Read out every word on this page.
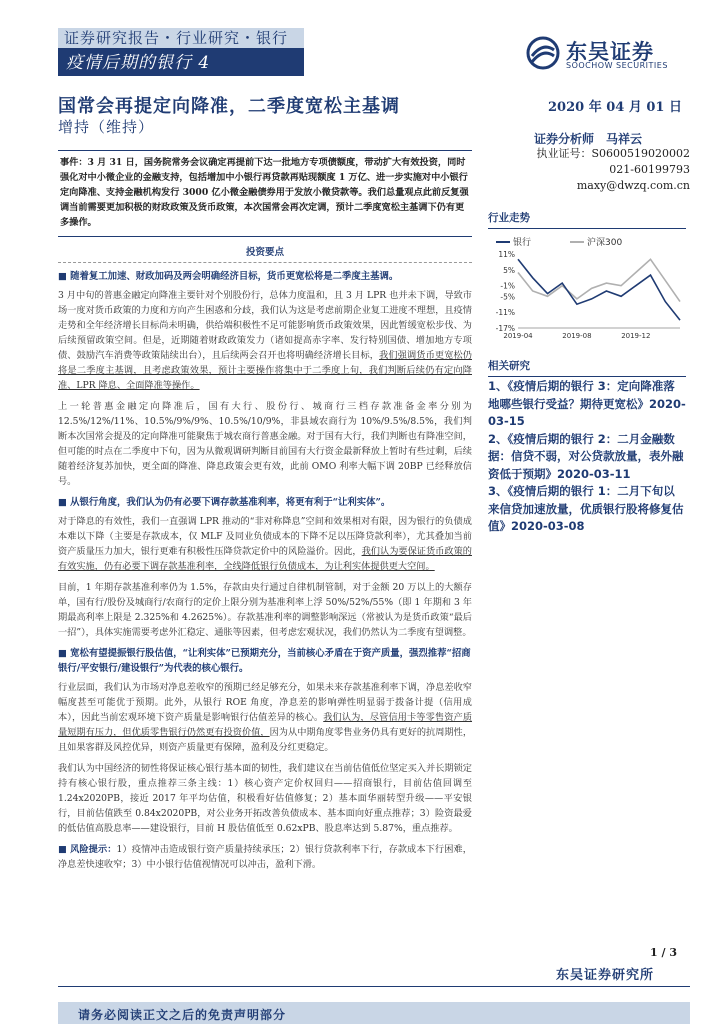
证券研究报告・行业研究・银行
疫情后期的银行 4	东吴证券
SOOCHOW SECURITIES
国常会再提定向降准，二季度宽松主基调
增持（维持）
2020 年 04 月 01 日
事件：3 月 31 日，国务院常务会议确定再提前下达一批地方专项债额度，带动扩大有效投资，同时强化对中小微企业的金融支持，包括增加中小银行再贷款再贴现额度 1 万亿、进一步实施对中小银行定向降准、支持金融机构发行 3000 亿小微金融债券用于发放小微贷款等。我们总量观点此前反复强调当前需要更加积极的财政政策及货币政策，本次国常会再次定调，预计二季度宽松主基调下仍有更多操作。
投资要点
■ 随着复工加速、财政加码及两会明确经济目标，货币更宽松将是二季度主基调。

3 月中旬的普惠金融定向降准主要针对个别股份行，总体力度温和，且 3 月 LPR 也并未下调，导致市场一度对货币政策的力度和方向产生困惑和分歧，我们认为这是考虑前期企业复工进度不理想，且疫情走势和全年经济增长目标尚未明确，供给端积极性不足可能影响货币政策效果，因此暂缓宽松步伐、为后续预留政策空间。但是，近期随着财政政策发力（诸如提高赤字率、发行特别国债、增加地方专项债、鼓励汽车消费等政策陆续出台），且后续两会召开也将明确经济增长目标，我们强调货币更宽松仍将是二季度主基调，且考虑政策效果，预计主要操作将集中于二季度上旬，我们判断后续仍有定向降准、LPR 降息、全面降准等操作。

上一轮普惠金融定向降准后，国有大行、股份行、城商行三档存款准备金率分别为 12.5%/12%/11%、10.5%/9%/9%、10.5%/10/9%，非县域农商行为 10%/9.5%/8.5%，我们判断本次国常会提及的定向降准可能聚焦于城农商行普惠金融。对于国有大行，我们判断也有降准空间，但可能的时点在二季度中下旬，因为从微观调研判断目前国有大行资金最新释放上暂时有些过剩，后续随着经济复苏加快，更全面的降准、降息政策会更有效，此前 OMO 利率大幅下调 20BP 已经释放信号。

■ 从银行角度，我们认为仍有必要下调存款基准利率，将更有利于“让利实体”。

对于降息的有效性，我们一直强调 LPR 推动的“非对称降息”空间和效果相对有限，因为银行的负债成本难以下降（主要是存款成本，仅 MLF 及同业负债成本的下降不足以压降贷款利率），尤其叠加当前资产质量压力加大，银行更难有积极性压降贷款定价中的风险溢价。因此，我们认为要保证货币政策的有效实施，仍有必要下调存款基准利率，全线降低银行负债成本，为让利实体提供更大空间。

目前，1 年期存款基准利率仍为 1.5%，存款由央行通过自律机制管制，对于金额 20 万以上的大额存单，国有行/股份及城商行/农商行的定价上限分别为基准利率上浮 50%/52%/55%（即 1 年期和 3 年期最高利率上限是 2.325%和 4.2625%）。存款基准利率的调整影响深远（常被认为是货币政策“最后一招”），具体实施需要考虑外汇稳定、通胀等因素，但考虑宏观状况，我们仍然认为二季度有望调整。

■ 宽松有望提振银行股估值，“让利实体”已预期充分，当前核心矛盾在于资产质量，强烈推荐“招商银行/平安银行/建设银行”为代表的核心银行。

行业层面，我们认为市场对净息差收窄的预期已经足够充分，如果未来存款基准利率下调，净息差收窄幅度甚至可能优于预期。此外，从银行 ROE 角度，净息差的影响弹性明显弱于拨备计提（信用成本），因此当前宏观环境下资产质量是影响银行估值差异的核心。我们认为，尽管信用卡等零售资产质量短期有压力，但优质零售银行仍然更有投资价值，因为从中期角度零售业务仍具有更好的抗周期性，且如果客群及风控优异，则资产质量更有保障，盈利及分红更稳定。

我们认为中国经济的韧性将保证核心银行基本面的韧性，我们建议在当前估值低位坚定买入并长期锁定持有核心银行股，重点推荐三条主线：1）核心资产定价权回归——招商银行，目前估值回调至 1.24x2020PB，接近 2017 年平均估值，积极看好估值修复；2）基本面华丽转型升级——平安银行，目前估值跌至 0.84x2020PB，对公业务开拓改善负债成本、基本面向好重点推荐；3）险资最爱的低估值高股息率——建设银行，目前 H 股估值低至 0.62xPB、股息率达到 5.87%，重点推荐。

■ 风险提示：1）疫情冲击造成银行资产质量持续承压；2）银行贷款利率下行，存款成本下行困难，净息差快速收窄；3）中小银行估值视情况可以冲击，盈利下滑。

证券分析师　马祥云
执业证号：S0600519020002
021-60199793
maxy@dwzq.com.cn
行业走势
银行	沪深300
11%
5%
-1%
-5%
-11%
-17%
2019-04	2019-08	2019-12
相关研究
1、《疫情后期的银行 3：定向降准落地哪些银行受益？期待更宽松》2020-03-15
2、《疫情后期的银行 2：二月金融数据：信贷不弱，对公贷款放量，表外融资低于预期》2020-03-11
3、《疫情后期的银行 1：二月下旬以来信贷加速放量，优质银行股将修复估值》2020-03-08
1 / 3
东吴证券研究所
请务必阅读正文之后的免责声明部分
